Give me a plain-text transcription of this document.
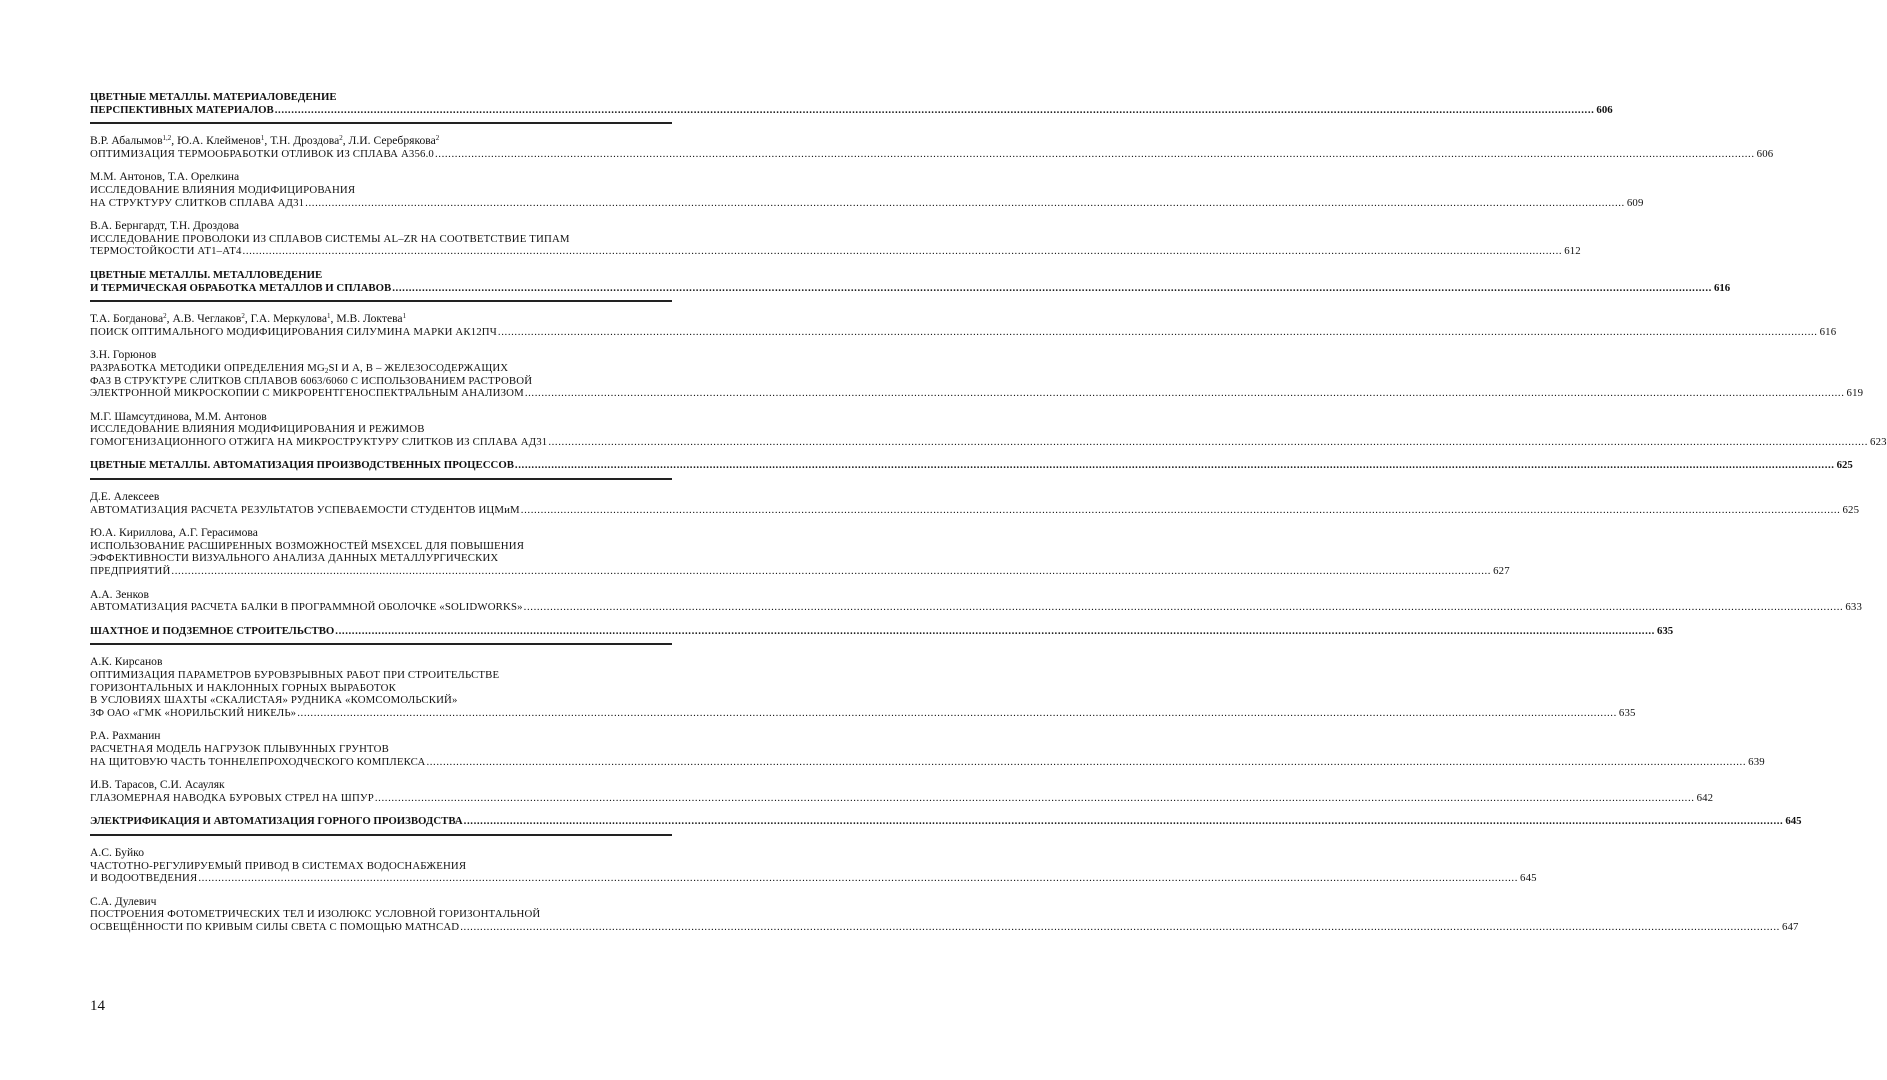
ЦВЕТНЫЕ МЕТАЛЛЫ. МАТЕРИАЛОВЕДЕНИЕ
ПЕРСПЕКТИВНЫХ МАТЕРИАЛОВ ................................................................................................................................................................................................................................................................................................................................................................................................................ 606
В.Р. Абалымов$^{1,2}$, Ю.А. Клейменов$^1$, Т.Н. Дроздова$^2$, Л.И. Серебрякова$^2$
ОПТИМИЗАЦИЯ ТЕРМООБРАБОТКИ ОТЛИВОК ИЗ СПЛАВА А356.0 ................................................................................................................................................................................................................................................................................................................................................................................................................ 606
М.М. Антонов, Т.А. Орелкина
ИССЛЕДОВАНИЕ ВЛИЯНИЯ МОДИФИЦИРОВАНИЯ
НА СТРУКТУРУ СЛИТКОВ СПЛАВА АД31 ................................................................................................................................................................................................................................................................................................................................................................................................................ 609
В.А. Бернгардт, Т.Н. Дроздова
ИССЛЕДОВАНИЕ ПРОВОЛОКИ ИЗ СПЛАВОВ СИСТЕМЫ AL–ZR НА СООТВЕТСТВИЕ ТИПАМ
ТЕРМОСТОЙКОСТИ АТ1–АТ4 ................................................................................................................................................................................................................................................................................................................................................................................................................ 612
ЦВЕТНЫЕ МЕТАЛЛЫ. МЕТАЛЛОВЕДЕНИЕ
И ТЕРМИЧЕСКАЯ ОБРАБОТКА МЕТАЛЛОВ И СПЛАВОВ ................................................................................................................................................................................................................................................................................................................................................................................................................ 616
Т.А. Богданова$^2$, А.В. Чеглаков$^2$, Г.А. Меркулова$^1$, М.В. Локтева$^1$
ПОИСК ОПТИМАЛЬНОГО МОДИФИЦИРОВАНИЯ СИЛУМИНА МАРКИ АК12ПЧ ................................................................................................................................................................................................................................................................................................................................................................................................................ 616
З.Н. Горюнов
РАЗРАБОТКА МЕТОДИКИ ОПРЕДЕЛЕНИЯ $MG_2SI$ И A, B – ЖЕЛЕЗОСОДЕРЖАЩИХ
ФАЗ В СТРУКТУРЕ СЛИТКОВ СПЛАВОВ 6063/6060 С ИСПОЛЬЗОВАНИЕМ РАСТРОВОЙ
ЭЛЕКТРОННОЙ МИКРОСКОПИИ С МИКРОРЕНТГЕНОСПЕКТРАЛЬНЫМ АНАЛИЗОМ ................................................................................................................................................................................................................................................................................................................................................................................................................ 619
М.Г. Шамсутдинова, М.М. Антонов
ИССЛЕДОВАНИЕ ВЛИЯНИЯ МОДИФИЦИРОВАНИЯ И РЕЖИМОВ
ГОМОГЕНИЗАЦИОННОГО ОТЖИГА НА МИКРОСТРУКТУРУ СЛИТКОВ ИЗ СПЛАВА АД31 ................................................................................................................................................................................................................................................................................................................................................................................................................ 623
ЦВЕТНЫЕ МЕТАЛЛЫ. АВТОМАТИЗАЦИЯ ПРОИЗВОДСТВЕННЫХ ПРОЦЕССОВ ................................................................................................................................................................................................................................................................................................................................................................................................................ 625
Д.Е. Алексеев
АВТОМАТИЗАЦИЯ РАСЧЕТА РЕЗУЛЬТАТОВ УСПЕВАЕМОСТИ СТУДЕНТОВ ИЦМиМ ................................................................................................................................................................................................................................................................................................................................................................................................................ 625
Ю.А. Кириллова, А.Г. Герасимова
ИСПОЛЬЗОВАНИЕ РАСШИРЕННЫХ ВОЗМОЖНОСТЕЙ MSEXCEL ДЛЯ ПОВЫШЕНИЯ
ЭФФЕКТИВНОСТИ ВИЗУАЛЬНОГО АНАЛИЗА ДАННЫХ МЕТАЛЛУРГИЧЕСКИХ
ПРЕДПРИЯТИЙ ................................................................................................................................................................................................................................................................................................................................................................................................................ 627
А.А. Зенков
АВТОМАТИЗАЦИЯ РАСЧЕТА БАЛКИ В ПРОГРАММНОЙ ОБОЛОЧКЕ «SOLIDWORKS» ................................................................................................................................................................................................................................................................................................................................................................................................................ 633
ШАХТНОЕ И ПОДЗЕМНОЕ СТРОИТЕЛЬСТВО ................................................................................................................................................................................................................................................................................................................................................................................................................ 635
А.К. Кирсанов
ОПТИМИЗАЦИЯ ПАРАМЕТРОВ БУРОВЗРЫВНЫХ РАБОТ ПРИ СТРОИТЕЛЬСТВЕ
ГОРИЗОНТАЛЬНЫХ И НАКЛОННЫХ ГОРНЫХ ВЫРАБОТОК
В УСЛОВИЯХ ШАХТЫ «СКАЛИСТАЯ» РУДНИКА «КОМСОМОЛЬСКИЙ»
ЗФ ОАО «ГМК «НОРИЛЬСКИЙ НИКЕЛЬ» ................................................................................................................................................................................................................................................................................................................................................................................................................ 635
Р.А. Рахманин
РАСЧЕТНАЯ МОДЕЛЬ НАГРУЗОК ПЛЫВУННЫХ ГРУНТОВ
НА ЩИТОВУЮ ЧАСТЬ ТОННЕЛЕПРОХОДЧЕСКОГО КОМПЛЕКСА ................................................................................................................................................................................................................................................................................................................................................................................................................ 639
И.В. Тарасов, С.И. Асауляк
ГЛАЗОМЕРНАЯ НАВОДКА БУРОВЫХ СТРЕЛ НА ШПУР ................................................................................................................................................................................................................................................................................................................................................................................................................ 642
ЭЛЕКТРИФИКАЦИЯ И АВТОМАТИЗАЦИЯ ГОРНОГО ПРОИЗВОДСТВА ................................................................................................................................................................................................................................................................................................................................................................................................................ 645
А.С. Буйко
ЧАСТОТНО-РЕГУЛИРУЕМЫЙ ПРИВОД В СИСТЕМАХ ВОДОСНАБЖЕНИЯ
И ВОДООТВЕДЕНИЯ ................................................................................................................................................................................................................................................................................................................................................................................................................ 645
С.А. Дулевич
ПОСТРОЕНИЯ ФОТОМЕТРИЧЕСКИХ ТЕЛ И ИЗОЛЮКС УСЛОВНОЙ ГОРИЗОНТАЛЬНОЙ
ОСВЕЩЁННОСТИ ПО КРИВЫМ СИЛЫ СВЕТА С ПОМОЩЬЮ MATHCAD ................................................................................................................................................................................................................................................................................................................................................................................................................ 647
14
